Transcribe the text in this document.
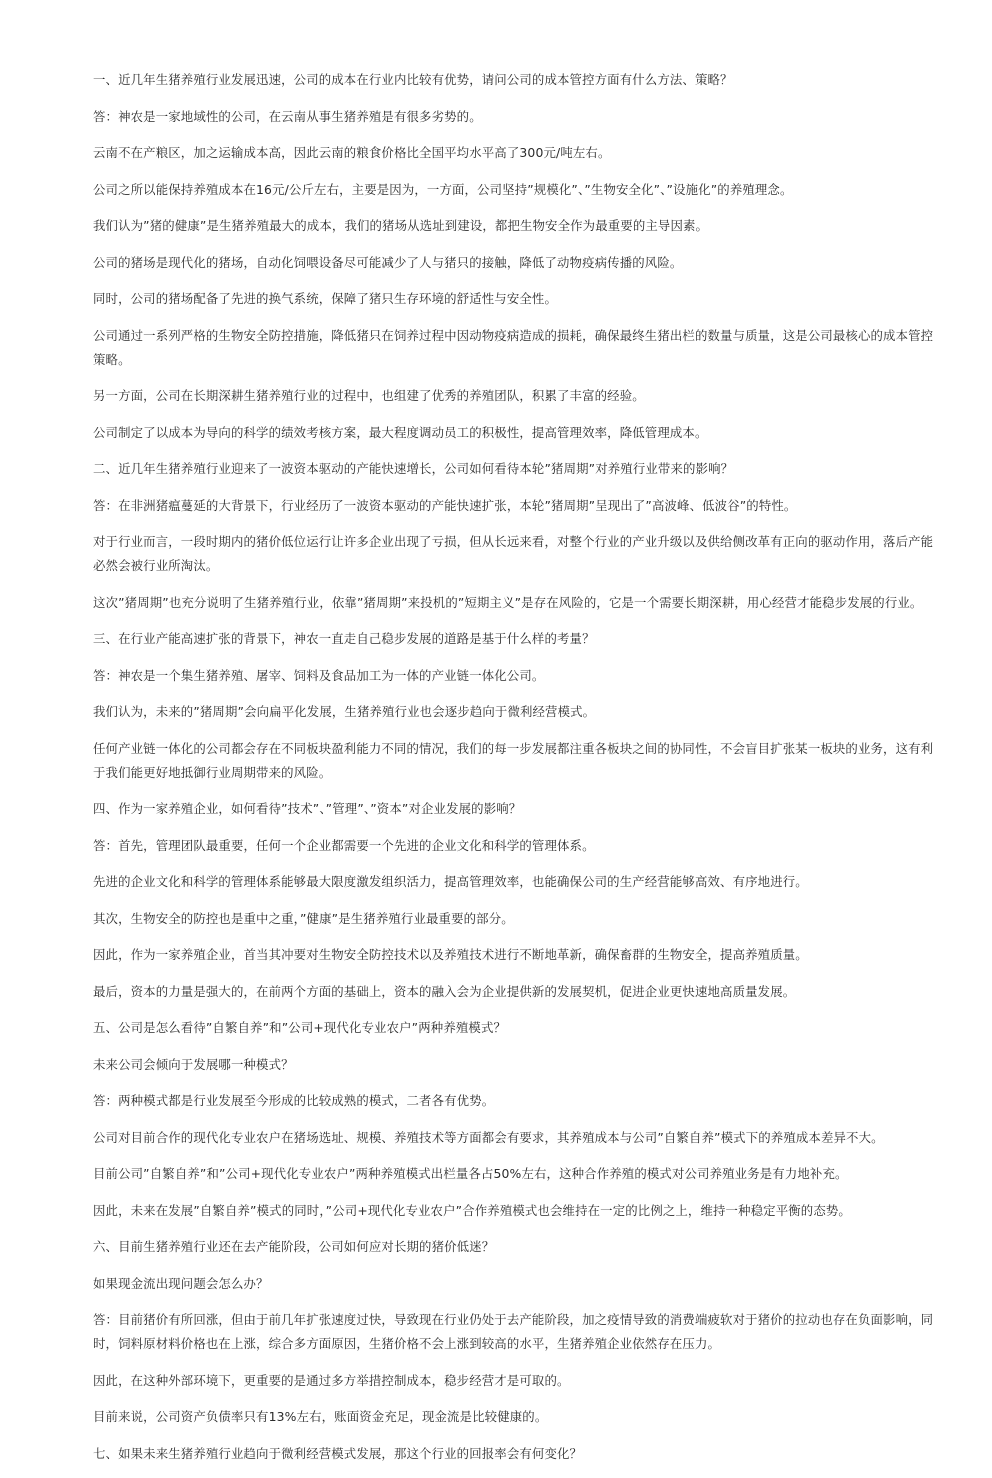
一、近几年生猪养殖行业发展迅速，公司的成本在行业内比较有优势，请问公司的成本管控方面有什么方法、策略？

答：神农是一家地域性的公司，在云南从事生猪养殖是有很多劣势的。

云南不在产粮区，加之运输成本高，因此云南的粮食价格比全国平均水平高了300元/吨左右。

公司之所以能保持养殖成本在16元/公斤左右，主要是因为，一方面，公司坚持”规模化”、”生物安全化”、”设施化”的养殖理念。

我们认为”猪的健康”是生猪养殖最大的成本，我们的猪场从选址到建设，都把生物安全作为最重要的主导因素。

公司的猪场是现代化的猪场，自动化饲喂设备尽可能减少了人与猪只的接触，降低了动物疫病传播的风险。

同时，公司的猪场配备了先进的换气系统，保障了猪只生存环境的舒适性与安全性。

公司通过一系列严格的生物安全防控措施，降低猪只在饲养过程中因动物疫病造成的损耗，确保最终生猪出栏的数量与质量，这是公司最核心的成本管控策略。

另一方面，公司在长期深耕生猪养殖行业的过程中，也组建了优秀的养殖团队，积累了丰富的经验。

公司制定了以成本为导向的科学的绩效考核方案，最大程度调动员工的积极性，提高管理效率，降低管理成本。

二、近几年生猪养殖行业迎来了一波资本驱动的产能快速增长，公司如何看待本轮”猪周期”对养殖行业带来的影响？

答：在非洲猪瘟蔓延的大背景下，行业经历了一波资本驱动的产能快速扩张，本轮”猪周期”呈现出了”高波峰、低波谷”的特性。

对于行业而言，一段时期内的猪价低位运行让许多企业出现了亏损，但从长远来看，对整个行业的产业升级以及供给侧改革有正向的驱动作用，落后产能必然会被行业所淘汰。

这次”猪周期”也充分说明了生猪养殖行业，依靠”猪周期”来投机的”短期主义”是存在风险的，它是一个需要长期深耕，用心经营才能稳步发展的行业。

三、在行业产能高速扩张的背景下，神农一直走自己稳步发展的道路是基于什么样的考量？

答：神农是一个集生猪养殖、屠宰、饲料及食品加工为一体的产业链一体化公司。

我们认为，未来的”猪周期”会向扁平化发展，生猪养殖行业也会逐步趋向于微利经营模式。

任何产业链一体化的公司都会存在不同板块盈利能力不同的情况，我们的每一步发展都注重各板块之间的协同性，不会盲目扩张某一板块的业务，这有利于我们能更好地抵御行业周期带来的风险。

四、作为一家养殖企业，如何看待”技术”、”管理”、”资本”对企业发展的影响？

答：首先，管理团队最重要，任何一个企业都需要一个先进的企业文化和科学的管理体系。

先进的企业文化和科学的管理体系能够最大限度激发组织活力，提高管理效率，也能确保公司的生产经营能够高效、有序地进行。

其次，生物安全的防控也是重中之重，”健康”是生猪养殖行业最重要的部分。

因此，作为一家养殖企业，首当其冲要对生物安全防控技术以及养殖技术进行不断地革新，确保畜群的生物安全，提高养殖质量。

最后，资本的力量是强大的，在前两个方面的基础上，资本的融入会为企业提供新的发展契机，促进企业更快速地高质量发展。

五、公司是怎么看待”自繁自养”和”公司+现代化专业农户”两种养殖模式？

未来公司会倾向于发展哪一种模式？

答：两种模式都是行业发展至今形成的比较成熟的模式，二者各有优势。

公司对目前合作的现代化专业农户在猪场选址、规模、养殖技术等方面都会有要求，其养殖成本与公司”自繁自养”模式下的养殖成本差异不大。

目前公司”自繁自养”和”公司+现代化专业农户”两种养殖模式出栏量各占50%左右，这种合作养殖的模式对公司养殖业务是有力地补充。

因此，未来在发展”自繁自养”模式的同时，”公司+现代化专业农户”合作养殖模式也会维持在一定的比例之上，维持一种稳定平衡的态势。

六、目前生猪养殖行业还在去产能阶段，公司如何应对长期的猪价低迷？

如果现金流出现问题会怎么办？

答：目前猪价有所回涨，但由于前几年扩张速度过快，导致现在行业仍处于去产能阶段，加之疫情导致的消费端疲软对于猪价的拉动也存在负面影响，同时，饲料原材料价格也在上涨，综合多方面原因，生猪价格不会上涨到较高的水平，生猪养殖企业依然存在压力。

因此，在这种外部环境下，更重要的是通过多方举措控制成本，稳步经营才是可取的。

目前来说，公司资产负债率只有13%左右，账面资金充足，现金流是比较健康的。

七、如果未来生猪养殖行业趋向于微利经营模式发展，那这个行业的回报率会有何变化？
